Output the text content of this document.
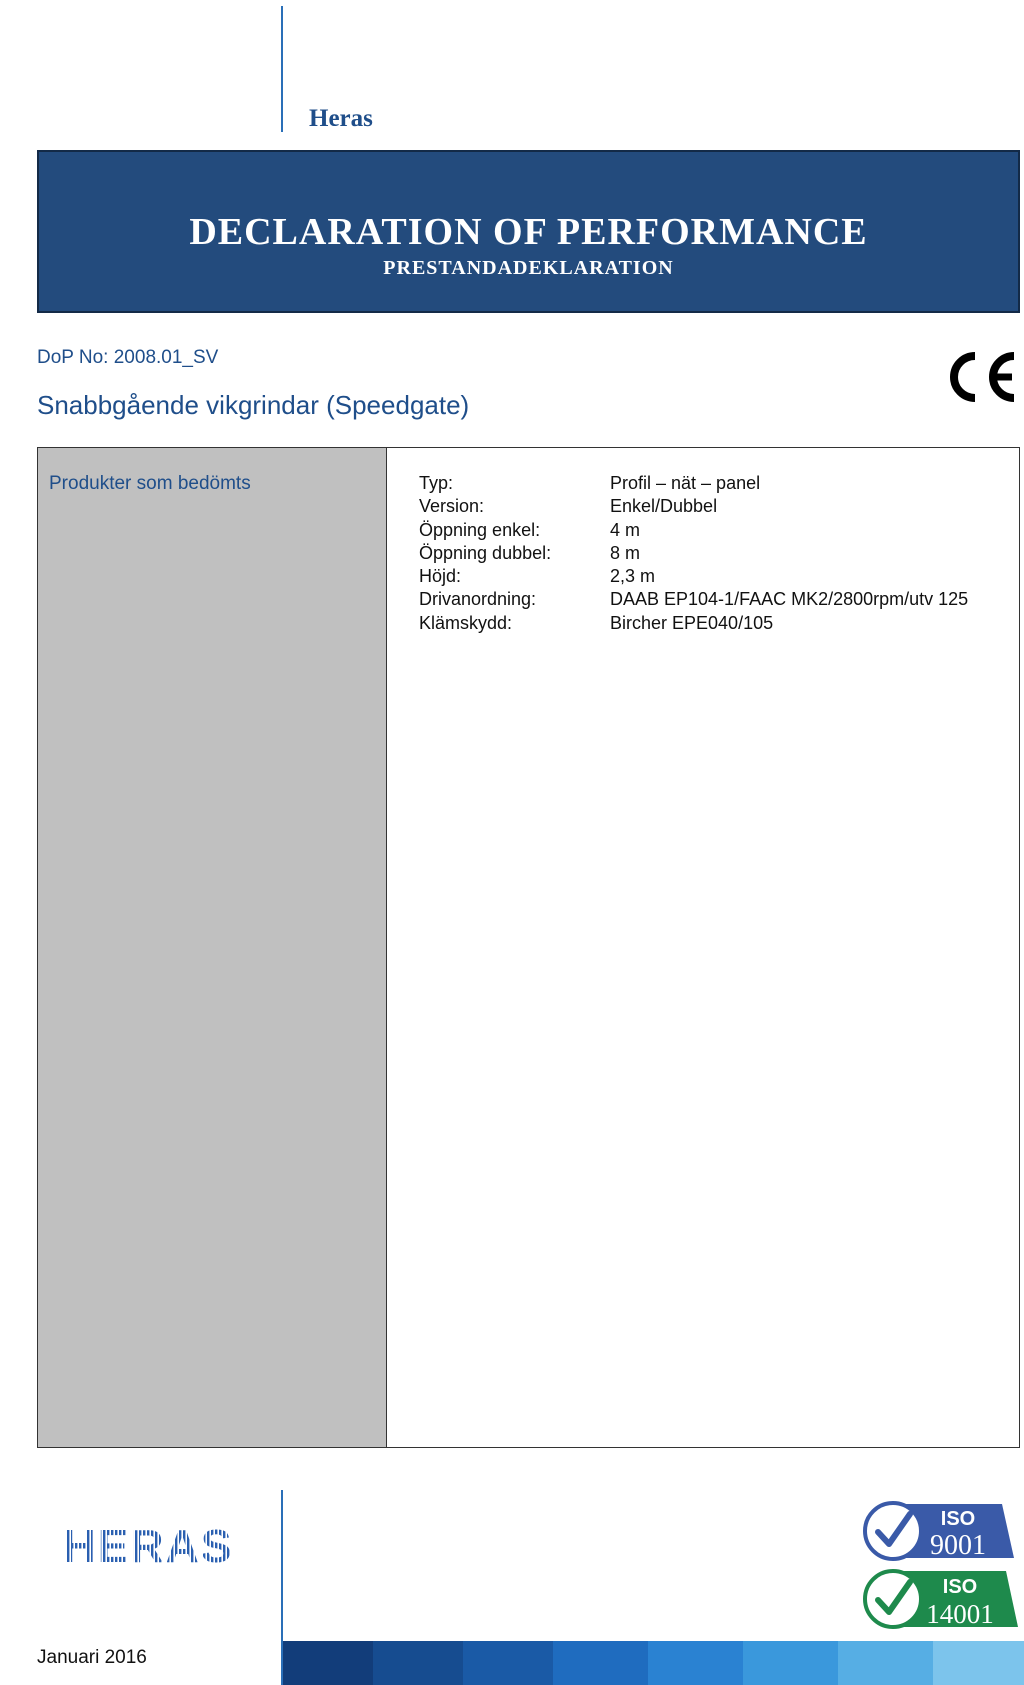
Heras
DECLARATION OF PERFORMANCE
PRESTANDADEKLARATION
DoP No: 2008.01_SV
Snabbgående vikgrindar (Speedgate)
Produkter som bedömts	Typ:	Profil – nät – panel
Version:	Enkel/Dubbel
Öppning enkel:	4 m
Öppning dubbel:	8 m
Höjd:	2,3 m
Drivanordning:	DAAB EP104-1/FAAC MK2/2800rpm/utv 125
Klämskydd:	Bircher EPE040/105
HERAS
Januari 2016
ISO
9001
ISO
14001
